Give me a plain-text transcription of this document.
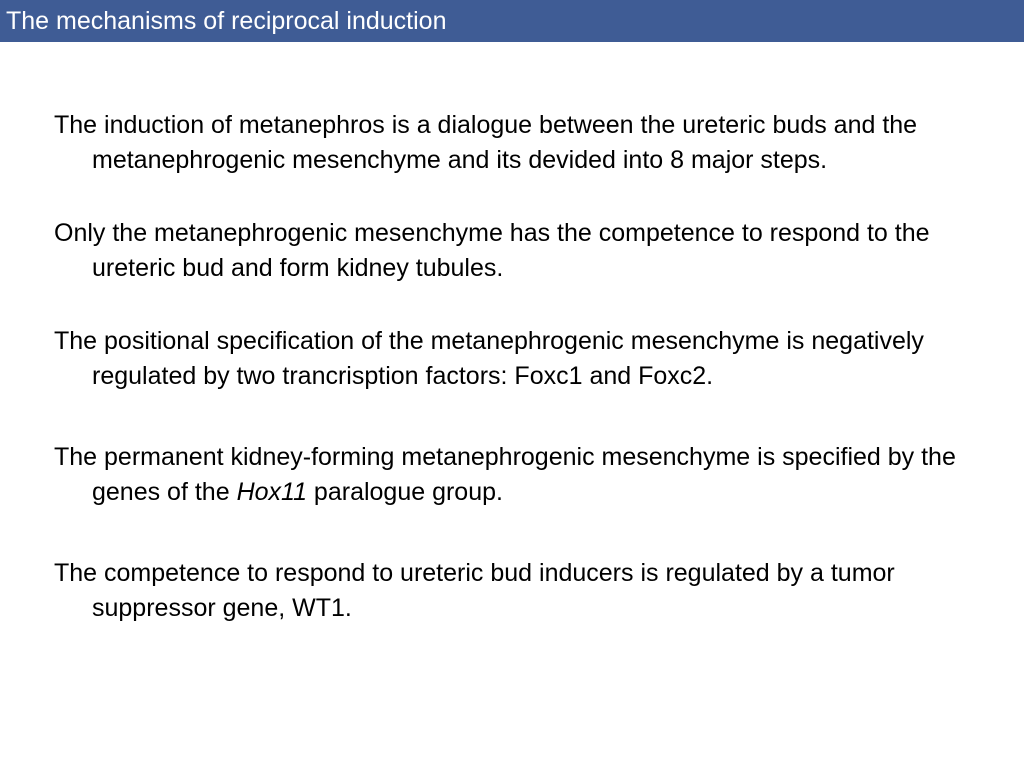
The mechanisms of reciprocal induction

The induction of metanephros is a dialogue between the ureteric buds and the metanephrogenic mesenchyme and its devided into 8 major steps.

Only the metanephrogenic mesenchyme has the competence to respond to the ureteric bud and form kidney tubules.

The positional specification of the metanephrogenic mesenchyme is negatively regulated by two trancrisption factors: Foxc1 and Foxc2.

The permanent kidney-forming metanephrogenic mesenchyme is specified by the genes of the Hox11 paralogue group.

The competence to respond to ureteric bud inducers is regulated by a tumor suppressor gene, WT1.
